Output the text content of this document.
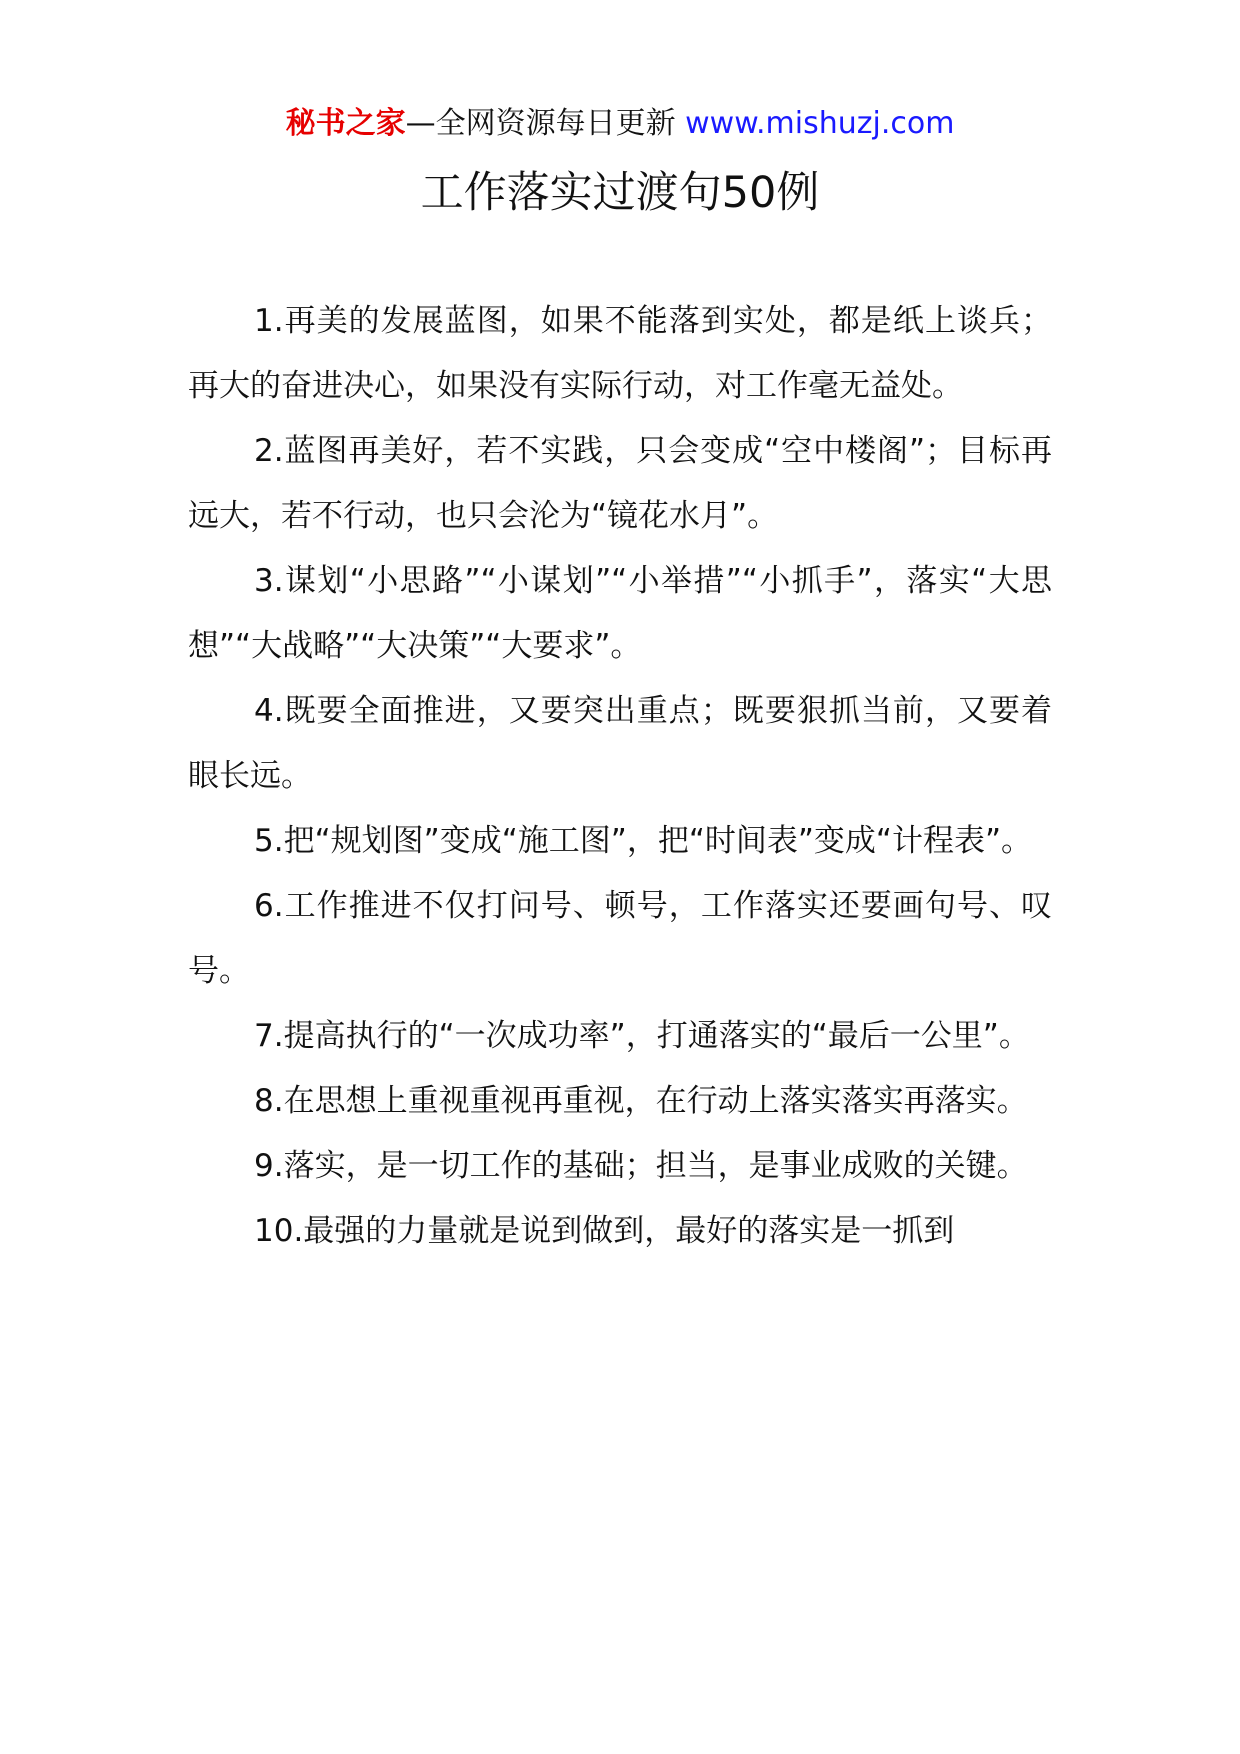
秘书之家—全网资源每日更新 www.mishuzj.com
工作落实过渡句50例

1.再美的发展蓝图，如果不能落到实处，都是纸上谈兵；再大的奋进决心，如果没有实际行动，对工作毫无益处。

2.蓝图再美好，若不实践，只会变成“空中楼阁”；目标再远大，若不行动，也只会沦为“镜花水月”。

3.谋划“小思路”“小谋划”“小举措”“小抓手”，落实“大思想”“大战略”“大决策”“大要求”。

4.既要全面推进，又要突出重点；既要狠抓当前，又要着眼长远。

5.把“规划图”变成“施工图”，把“时间表”变成“计程表”。

6.工作推进不仅打问号、顿号，工作落实还要画句号、叹号。

7.提高执行的“一次成功率”，打通落实的“最后一公里”。

8.在思想上重视重视再重视，在行动上落实落实再落实。

9.落实，是一切工作的基础；担当，是事业成败的关键。

10.最强的力量就是说到做到，最好的落实是一抓到
